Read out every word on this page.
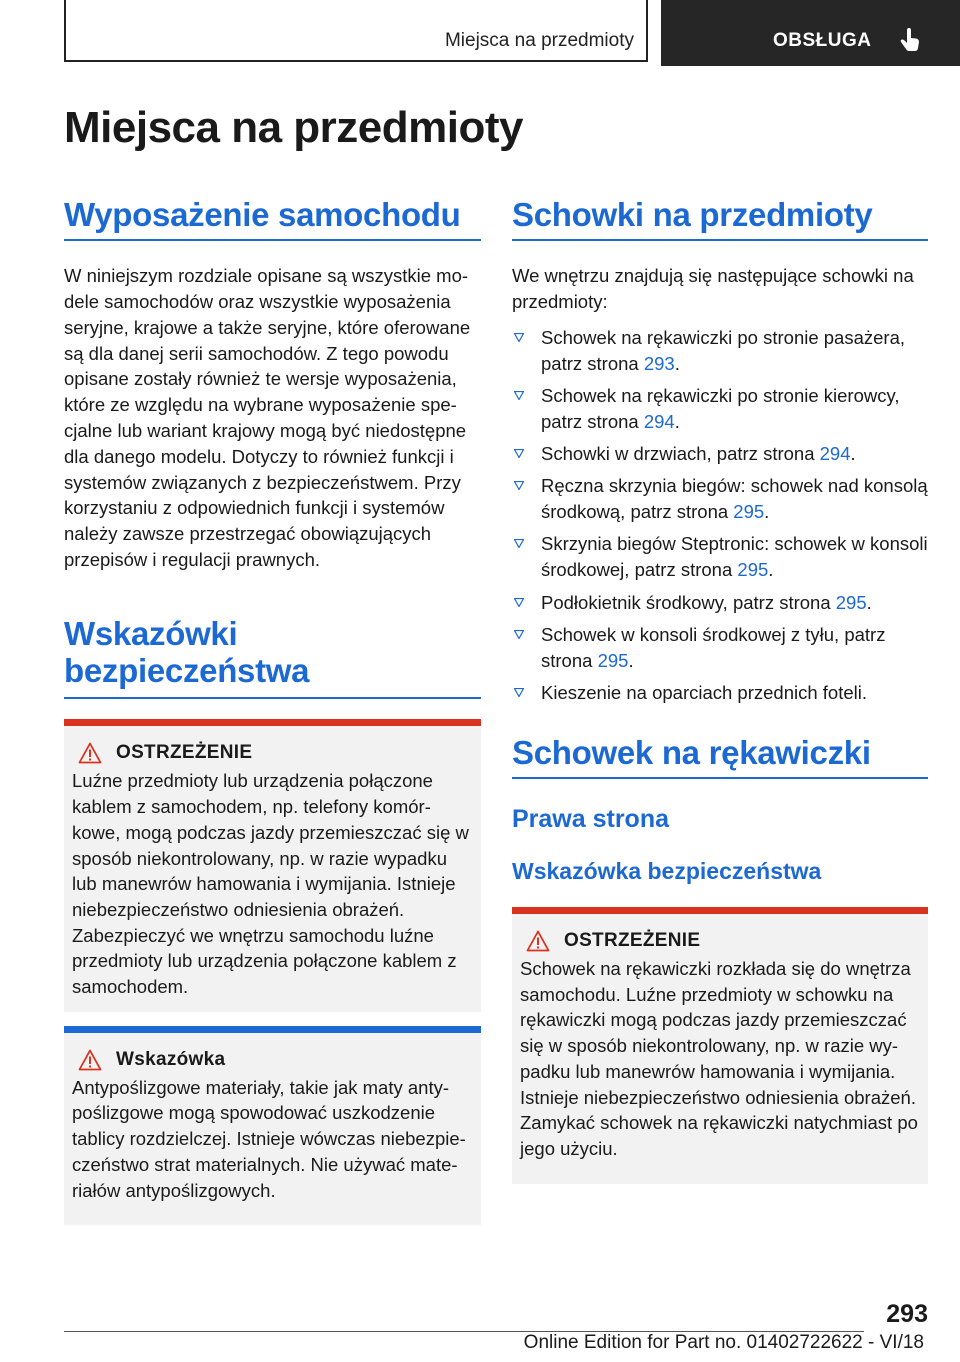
Miejsca na przedmioty	OBSŁUGA
Miejsca na przedmioty
Wyposażenie samochodu

W niniejszym rozdziale opisane są wszystkie modele samochodów oraz wszystkie wyposażenia seryjne, krajowe a także seryjne, które oferowane są dla danej serii samochodów. Z tego powodu opisane zostały również te wersje wyposażenia, które ze względu na wybrane wyposażenie specjalne lub wariant krajowy mogą być niedostępne dla danego modelu. Dotyczy to również funkcji i systemów związanych z bezpieczeństwem. Przy korzystaniu z odpowiednich funkcji i systemów należy zawsze przestrzegać obowiązujących przepisów i regulacji prawnych.

Wskazówki bezpieczeństwa
OSTRZEŻENIE

Luźne przedmioty lub urządzenia połączone kablem z samochodem, np. telefony komórkowe, mogą podczas jazdy przemieszczać się w sposób niekontrolowany, np. w razie wypadku lub manewrów hamowania i wymijania. Istnieje niebezpieczeństwo odniesienia obrażeń. Zabezpieczyć we wnętrzu samochodu luźne przedmioty lub urządzenia połączone kablem z samochodem.

Wskazówka

Antypoślizgowe materiały, takie jak maty antypoślizgowe mogą spowodować uszkodzenie tablicy rozdzielczej. Istnieje wówczas niebezpieczeństwo strat materialnych. Nie używać materiałów antypoślizgowych.

Schowki na przedmioty

We wnętrzu znajdują się następujące schowki na przedmioty:

Schowek na rękawiczki po stronie pasażera, patrz strona 293.
Schowek na rękawiczki po stronie kierowcy, patrz strona 294.
Schowki w drzwiach, patrz strona 294.
Ręczna skrzynia biegów: schowek nad konsolą środkową, patrz strona 295.
Skrzynia biegów Steptronic: schowek w konsoli środkowej, patrz strona 295.
Podłokietnik środkowy, patrz strona 295.
Schowek w konsoli środkowej z tyłu, patrz strona 295.
Kieszenie na oparciach przednich foteli.
Schowek na rękawiczki
Prawa strona
Wskazówka bezpieczeństwa
OSTRZEŻENIE

Schowek na rękawiczki rozkłada się do wnętrza samochodu. Luźne przedmioty w schowku na rękawiczki mogą podczas jazdy przemieszczać się w sposób niekontrolowany, np. w razie wypadku lub manewrów hamowania i wymijania. Istnieje niebezpieczeństwo odniesienia obrażeń. Zamykać schowek na rękawiczki natychmiast po jego użyciu.

293
Online Edition for Part no. 01402722622 - VI/18
